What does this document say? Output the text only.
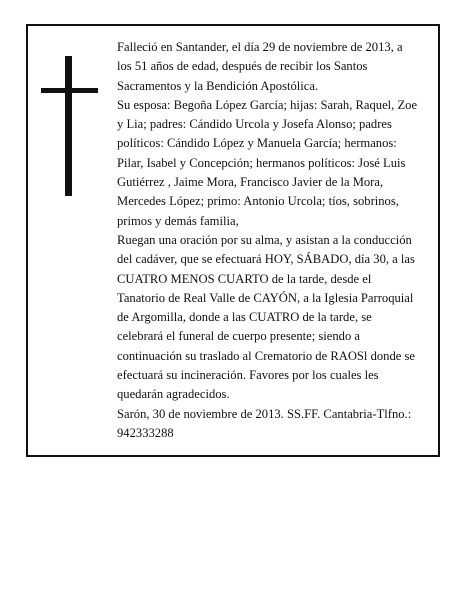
Falleció en Santander, el día 29 de noviembre de 2013, a los 51 años de edad, después de recibir los Santos Sacramentos y la Bendición Apostólica.

Su esposa: Begoña López García; hijas: Sarah, Raquel, Zoe y Lia; padres: Cándido Urcola y Josefa Alonso; padres políticos: Cándido López y Manuela García; hermanos: Pilar, Isabel y Concepción; hermanos políticos: José Luis Gutiérrez , Jaime Mora, Francisco Javier de la Mora, Mercedes López; primo: Antonio Urcola; tíos, sobrinos, primos y demás familia,

Ruegan una oración por su alma, y asistan a la conducción del cadáver, que se efectuará HOY, SÁBADO, día 30, a las CUATRO MENOS CUARTO de la tarde, desde el Tanatorio de Real Valle de CAYÓN, a la Iglesia Parroquial de Argomilla, donde a las CUATRO de la tarde, se celebrará el funeral de cuerpo presente; siendo a continuación su traslado al Crematorio de RAOSl donde se efectuará su incineración. Favores por los cuales les quedarán agradecidos.

Sarón, 30 de noviembre de 2013. SS.FF. Cantabria-Tlfno.: 942333288
